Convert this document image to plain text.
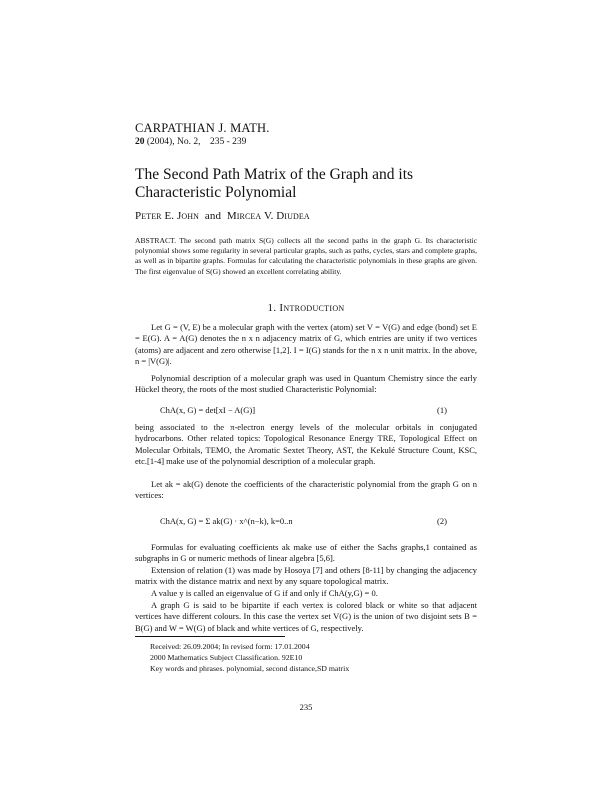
CARPATHIAN J. MATH.
20 (2004), No. 2, 235 - 239
The Second Path Matrix of the Graph and its Characteristic Polynomial
Peter E. John and Mircea V. Diudea
ABSTRACT. The second path matrix S(G) collects all the second paths in the graph G. Its characteristic polynomial shows some regularity in several particular graphs, such as paths, cycles, stars and complete graphs, as well as in bipartite graphs. Formulas for calculating the characteristic polynomials in these graphs are given. The first eigenvalue of S(G) showed an excellent correlating ability.
1. Introduction
Let G = (V, E) be a molecular graph with the vertex (atom) set V = V(G) and edge (bond) set E = E(G). A = A(G) denotes the n x n adjacency matrix of G, which entries are unity if two vertices (atoms) are adjacent and zero otherwise [1,2]. I = I(G) stands for the n x n unit matrix. In the above, n = |V(G)|.
Polynomial description of a molecular graph was used in Quantum Chemistry since the early Hückel theory, the roots of the most studied Characteristic Polynomial:
ChA(x, G) = det[xI − A(G)]	(1)
being associated to the π-electron energy levels of the molecular orbitals in conjugated hydrocarbons. Other related topics: Topological Resonance Energy TRE, Topological Effect on Molecular Orbitals, TEMO, the Aromatic Sextet Theory, AST, the Kekulé Structure Count, KSC, etc.[1-4] make use of the polynomial description of a molecular graph.
Let ak = ak(G) denote the coefficients of the characteristic polynomial from the graph G on n vertices:
ChA(x, G) = Σ ak(G) · x^(n−k), k=0..n	(2)
Formulas for evaluating coefficients ak make use of either the Sachs graphs,1 contained as subgraphs in G or numeric methods of linear algebra [5,6].
Extension of relation (1) was made by Hosoya [7] and others [8-11] by changing the adjacency matrix with the distance matrix and next by any square topological matrix.
A value y is called an eigenvalue of G if and only if ChA(y,G) = 0.
A graph G is said to be bipartite if each vertex is colored black or white so that adjacent vertices have different colours. In this case the vertex set V(G) is the union of two disjoint sets B = B(G) and W = W(G) of black and white vertices of G, respectively.
Received: 26.09.2004; In revised form: 17.01.2004
2000 Mathematics Subject Classification. 92E10
Key words and phrases. polynomial, second distance,SD matrix
235
